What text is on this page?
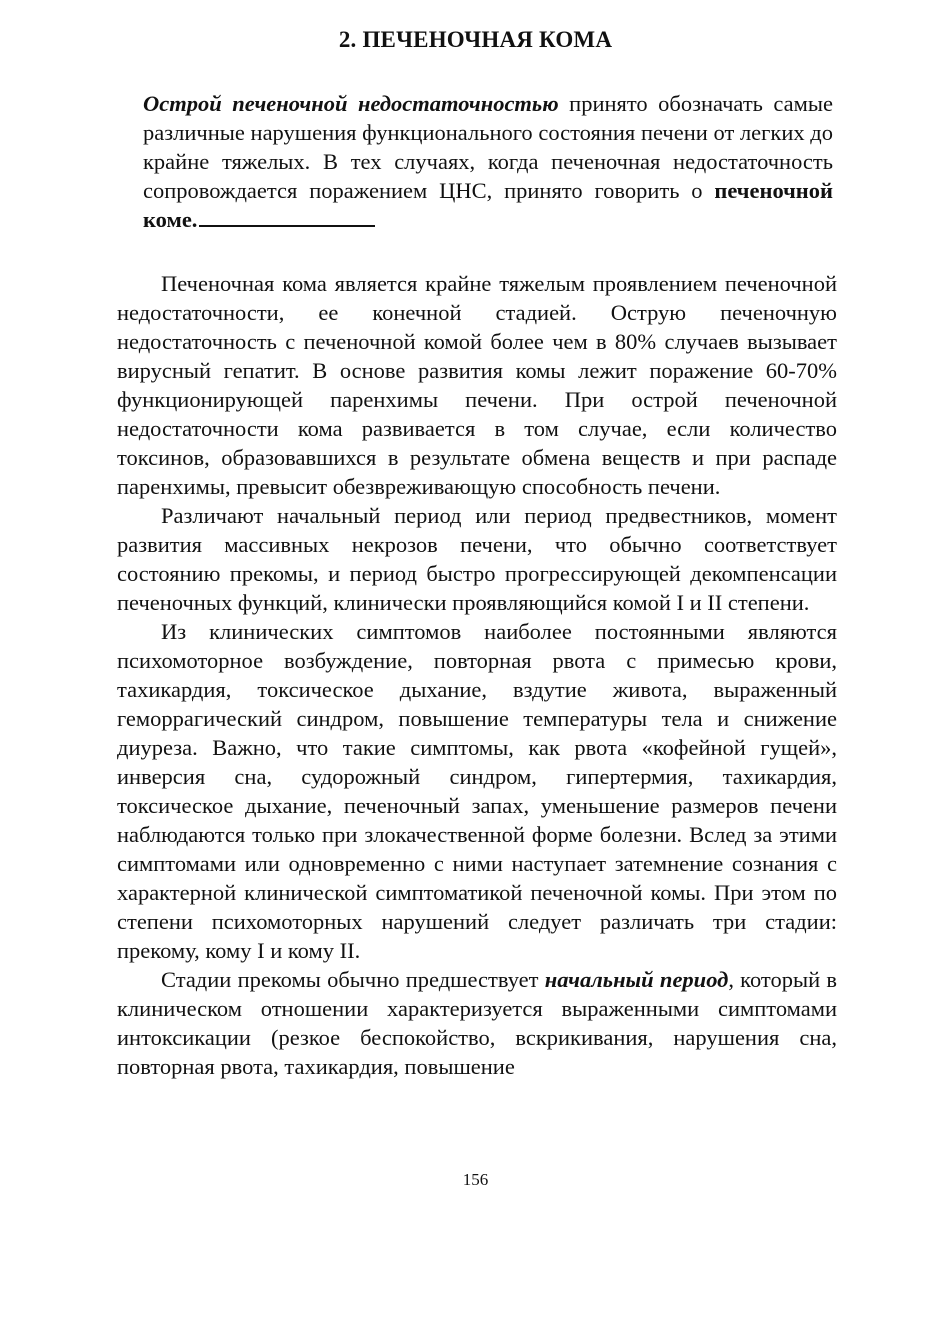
2. ПЕЧЕНОЧНАЯ КОМА

Острой печеночной недостаточностью принято обозначать самые различные нарушения функционального состояния печени от легких до крайне тяжелых. В тех случаях, когда печеночная недостаточность сопровождается поражением ЦНС, принято говорить о печеночной коме.

Печеночная кома является крайне тяжелым проявлением печеночной недостаточности, ее конечной стадией. Острую печеночную недостаточность с печеночной комой более чем в 80% случаев вызывает вирусный гепатит. В основе развития комы лежит поражение 60-70% функционирующей паренхимы печени. При острой печеночной недостаточности кома развивается в том случае, если количество токсинов, образовавшихся в результате обмена веществ и при распаде паренхимы, превысит обезвреживающую способность печени.

Различают начальный период или период предвестников, момент развития массивных некрозов печени, что обычно соответствует состоянию прекомы, и период быстро прогрессирующей декомпенсации печеночных функций, клинически проявляющийся комой I и II степени.

Из клинических симптомов наиболее постоянными являются психомоторное возбуждение, повторная рвота с примесью крови, тахикардия, токсическое дыхание, вздутие живота, выраженный геморрагический синдром, повышение температуры тела и снижение диуреза. Важно, что такие симптомы, как рвота «кофейной гущей», инверсия сна, судорожный синдром, гипертермия, тахикардия, токсическое дыхание, печеночный запах, уменьшение размеров печени наблюдаются только при злокачественной форме болезни. Вслед за этими симптомами или одновременно с ними наступает затемнение сознания с характерной клинической симптоматикой печеночной комы. При этом по степени психомоторных нарушений следует различать три стадии: прекому, кому I и кому II.

Стадии прекомы обычно предшествует начальный период, который в клиническом отношении характеризуется выраженными симптомами интоксикации (резкое беспокойство, вскрикивания, нарушения сна, повторная рвота, тахикардия, повышение

156
